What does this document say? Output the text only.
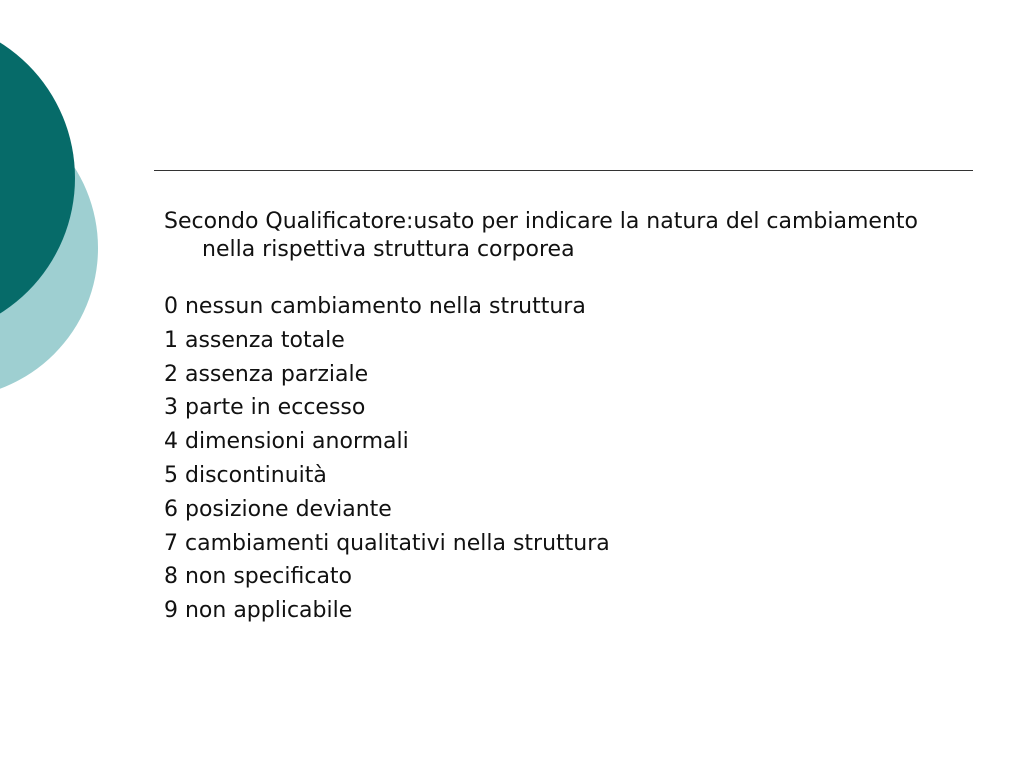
Secondo Qualificatore:usato per indicare la natura del cambiamento nella rispettiva struttura corporea

0 nessun cambiamento nella struttura

1 assenza totale

2 assenza parziale

3 parte in eccesso

4 dimensioni anormali

5 discontinuità

6 posizione deviante

7 cambiamenti qualitativi nella struttura

8 non specificato

9 non applicabile
